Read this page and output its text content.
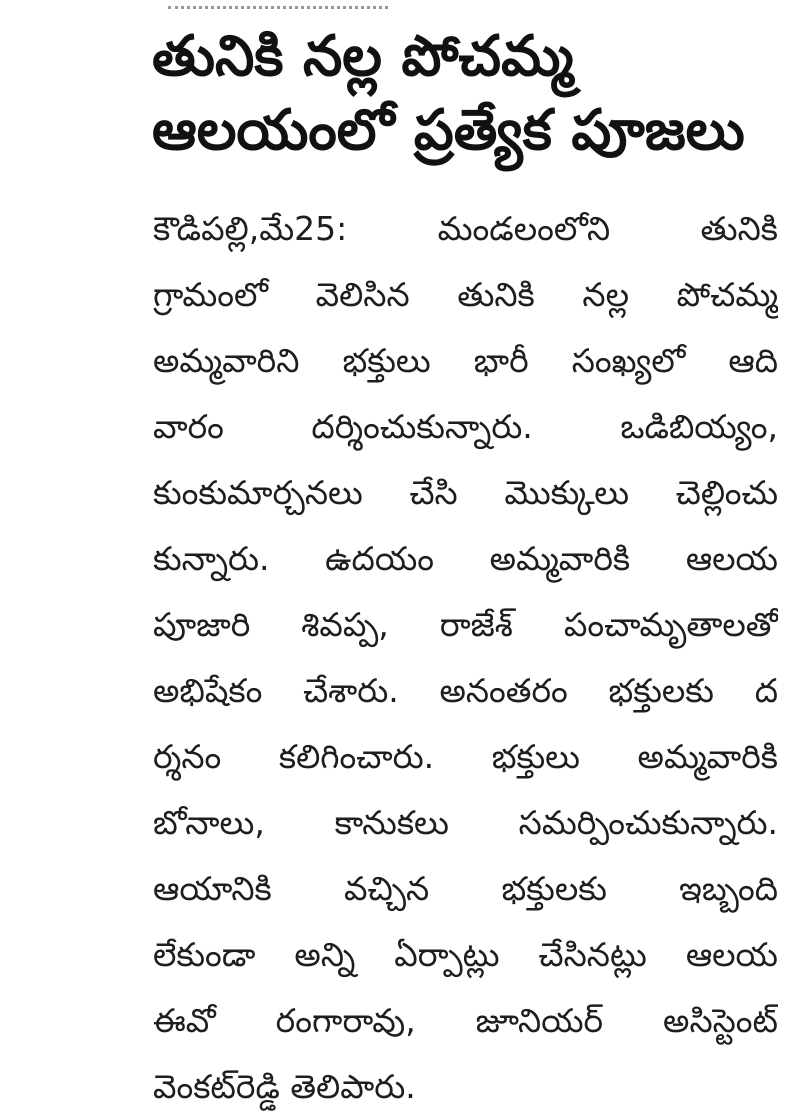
తునికి నల్ల పోచమ్మ
ఆలయంలో ప్రత్యేక పూజలు
కౌడిపల్లి,మే25: మండలంలోని తునికి
గ్రామంలో వెలిసిన తునికి నల్ల పోచమ్మ
అమ్మవారిని భక్తులు భారీ సంఖ్యలో ఆది
వారం దర్శించుకున్నారు. ఒడిబియ్యం,
కుంకుమార్చనలు చేసి మొక్కులు చెల్లించు
కున్నారు. ఉదయం అమ్మవారికి ఆలయ
పూజారి శివప్ప, రాజేశ్ పంచామృతాలతో
అభిషేకం చేశారు. అనంతరం భక్తులకు ద
ర్శనం కలిగించారు. భక్తులు అమ్మవారికి
బోనాలు, కానుకలు సమర్పించుకున్నారు.
ఆయానికి వచ్చిన భక్తులకు ఇబ్బంది
లేకుండా అన్ని ఏర్పాట్లు చేసినట్లు ఆలయ
ఈవో రంగారావు, జూనియర్ అసిస్టెంట్
వెంకట్‌రెడ్డి తెలిపారు.
